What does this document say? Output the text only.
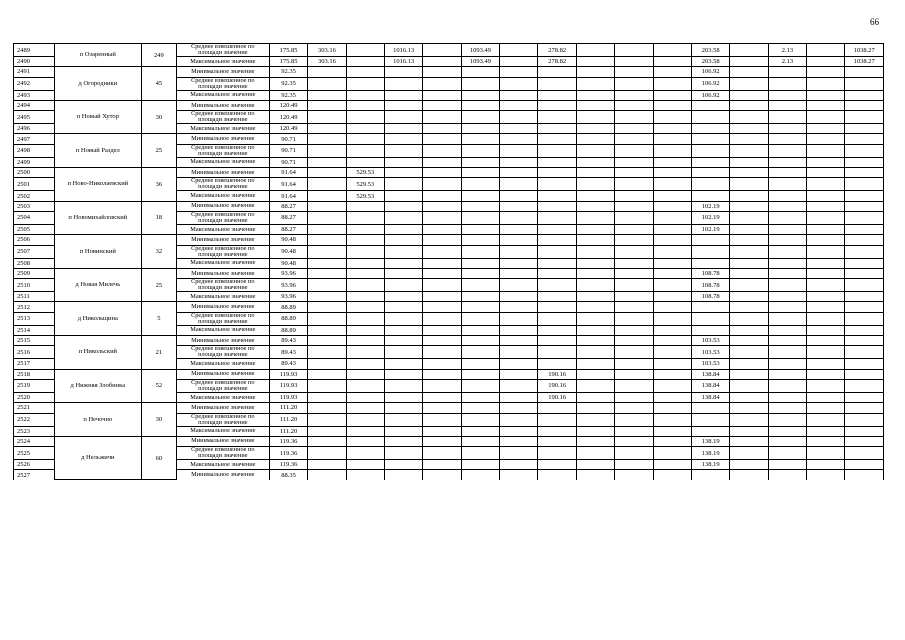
66
2489	п Озаренный	249	Среднее взвешенное по площади значение	175.85	303.16		1016.13		1093.49		278.82				203.58		2.13		1038.27
2490			Максимальное значение	175.85	303.16		1016.13		1093.49		278.82				203.58		2.13		1038.27
2491	д Огородники	45	Минимальное значение	92.35											106.92				
2492			Среднее взвешенное по площади значение	92.35											106.92				
2493			Максимальное значение	92.35											106.92				
2494	п Новый Хутор	30	Минимальное значение	120.49															
2495			Среднее взвешенное по площади значение	120.49															
2496			Максимальное значение	120.49															
2497	п Новый Раздел	25	Минимальное значение	90.71															
2498			Среднее взвешенное по площади значение	90.71															
2499			Максимальное значение	90.71															
2500	п Ново-Николаевский	36	Минимальное значение	91.64		529.53													
2501			Среднее взвешенное по площади значение	91.64		529.53													
2502			Максимальное значение	91.64		529.53													
2503	п Новомихайловский	18	Минимальное значение	88.27											102.19				
2504			Среднее взвешенное по площади значение	88.27											102.19				
2505			Максимальное значение	88.27											102.19				
2506	п Новинский	32	Минимальное значение	90.48															
2507			Среднее взвешенное по площади значение	90.48															
2508			Максимальное значение	90.48															
2509	д Новая Милечь	25	Минимальное значение	93.96											108.78				
2510			Среднее взвешенное по площади значение	93.96											108.78				
2511			Максимальное значение	93.96											108.78				
2512	д Никольщина	5	Минимальное значение	88.89															
2513			Среднее взвешенное по площади значение	88.89															
2514			Максимальное значение	88.89															
2515	п Никольский	21	Минимальное значение	89.43											103.53				
2516			Среднее взвешенное по площади значение	89.43											103.53				
2517			Максимальное значение	89.43											103.53				
2518	д Нижняя Злобинка	52	Минимальное значение	119.93							190.16				138.84				
2519			Среднее взвешенное по площади значение	119.93							190.16				138.84				
2520			Максимальное значение	119.93							190.16				138.84				
2521	п Нечочно	30	Минимальное значение	111.20															
2522			Среднее взвешенное по площади значение	111.20															
2523			Максимальное значение	111.20															
2524	д Нельжичи	60	Минимальное значение	119.36											138.19				
2525			Среднее взвешенное по площади значение	119.36											138.19				
2526			Максимальное значение	119.36											138.19				
2527			Минимальное значение	88.35															
